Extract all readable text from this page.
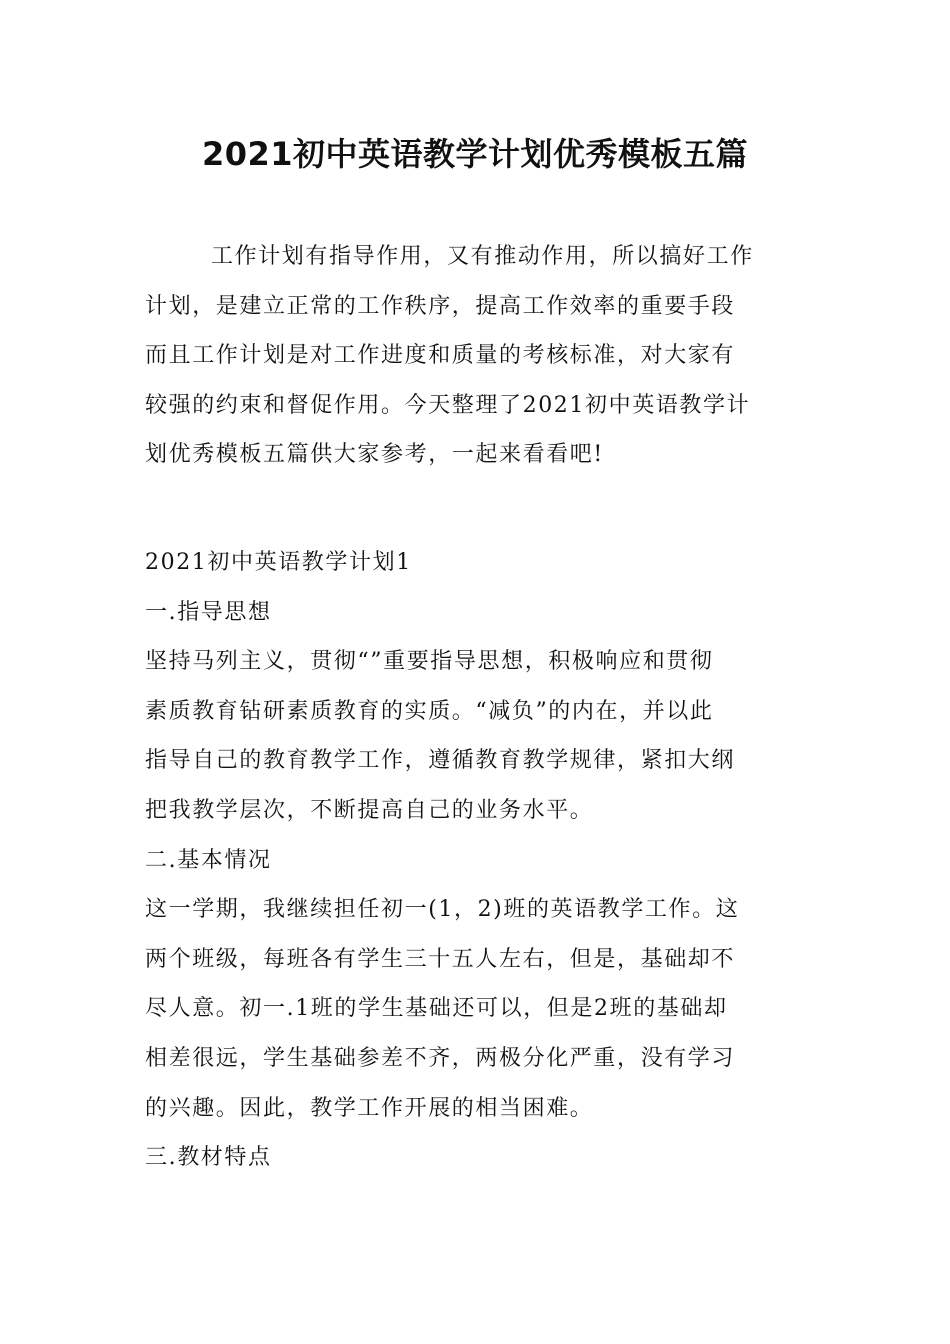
2021初中英语教学计划优秀模板五篇

工作计划有指导作用，又有推动作用，所以搞好工作
计划，是建立正常的工作秩序，提高工作效率的重要手段
而且工作计划是对工作进度和质量的考核标准，对大家有
较强的约束和督促作用。今天整理了2021初中英语教学计
划优秀模板五篇供大家参考，一起来看看吧!

2021初中英语教学计划1

一.指导思想

坚持马列主义，贯彻“”重要指导思想，积极响应和贯彻
素质教育钻研素质教育的实质。“减负”的内在，并以此
指导自己的教育教学工作，遵循教育教学规律，紧扣大纲
把我教学层次，不断提高自己的业务水平。

二.基本情况

这一学期，我继续担任初一(1，2)班的英语教学工作。这
两个班级，每班各有学生三十五人左右，但是，基础却不
尽人意。初一.1班的学生基础还可以，但是2班的基础却
相差很远，学生基础参差不齐，两极分化严重，没有学习
的兴趣。因此，教学工作开展的相当困难。

三.教材特点
